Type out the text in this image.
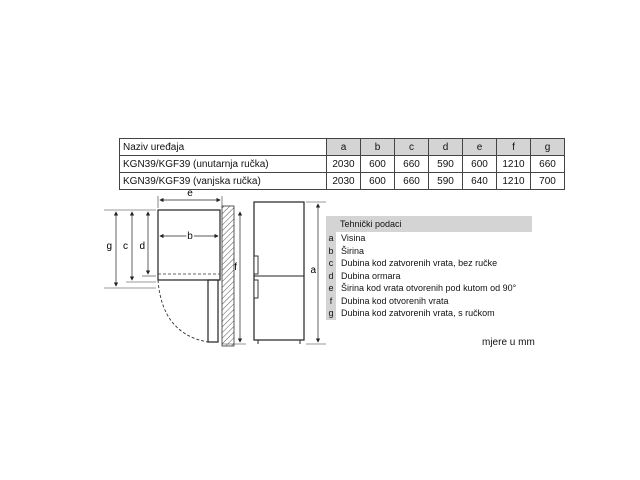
Naziv uređaja	a	b	c	d	e	f	g
KGN39/KGF39 (unutarnja ručka)	2030	600	660	590	600	1210	660
KGN39/KGF39 (vanjska ručka)	2030	600	660	590	640	1210	700
e
b
g c d
f	a
Tehnički podaci
a Visina
b Širina
c Dubina kod zatvorenih vrata, bez ručke
d Dubina ormara
e Širina kod vrata otvorenih pod kutom od 90°
f Dubina kod otvorenih vrata
g Dubina kod zatvorenih vrata, s ručkom
mjere u mm
